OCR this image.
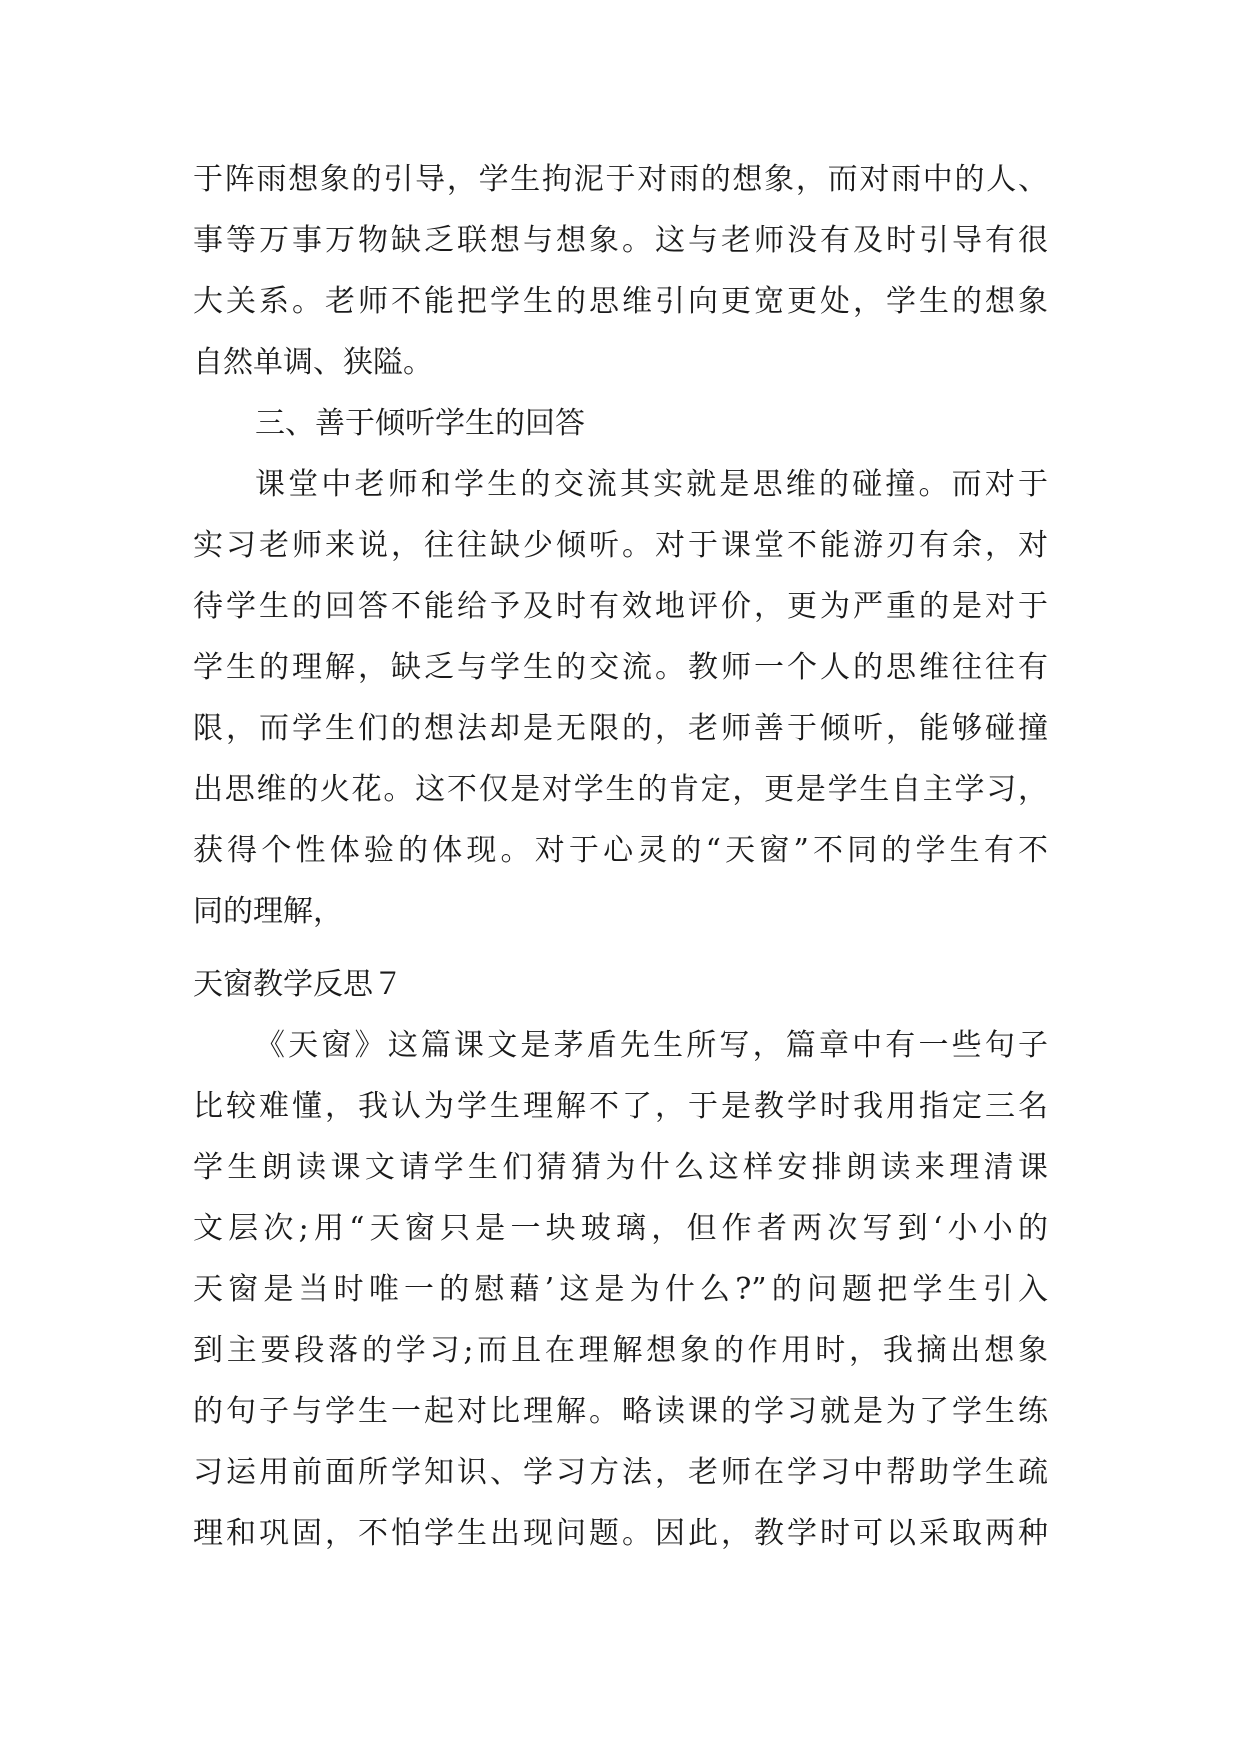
于阵雨想象的引导，学生拘泥于对雨的想象，而对雨中的人、
事等万事万物缺乏联想与想象。这与老师没有及时引导有很
大关系。老师不能把学生的思维引向更宽更处，学生的想象
自然单调、狭隘。
三、善于倾听学生的回答
课堂中老师和学生的交流其实就是思维的碰撞。而对于
实习老师来说，往往缺少倾听。对于课堂不能游刃有余，对
待学生的回答不能给予及时有效地评价，更为严重的是对于
学生的理解，缺乏与学生的交流。教师一个人的思维往往有
限，而学生们的想法却是无限的，老师善于倾听，能够碰撞
出思维的火花。这不仅是对学生的肯定，更是学生自主学习，
获得个性体验的体现。对于心灵的“天窗”不同的学生有不
同的理解，
天窗教学反思７
《天窗》这篇课文是茅盾先生所写，篇章中有一些句子
比较难懂，我认为学生理解不了，于是教学时我用指定三名
学生朗读课文请学生们猜猜为什么这样安排朗读来理清课
文层次;用“天窗只是一块玻璃，但作者两次写到‘小小的
天窗是当时唯一的慰藉’这是为什么?”的问题把学生引入
到主要段落的学习;而且在理解想象的作用时，我摘出想象
的句子与学生一起对比理解。略读课的学习就是为了学生练
习运用前面所学知识、学习方法，老师在学习中帮助学生疏
理和巩固，不怕学生出现问题。因此，教学时可以采取两种
